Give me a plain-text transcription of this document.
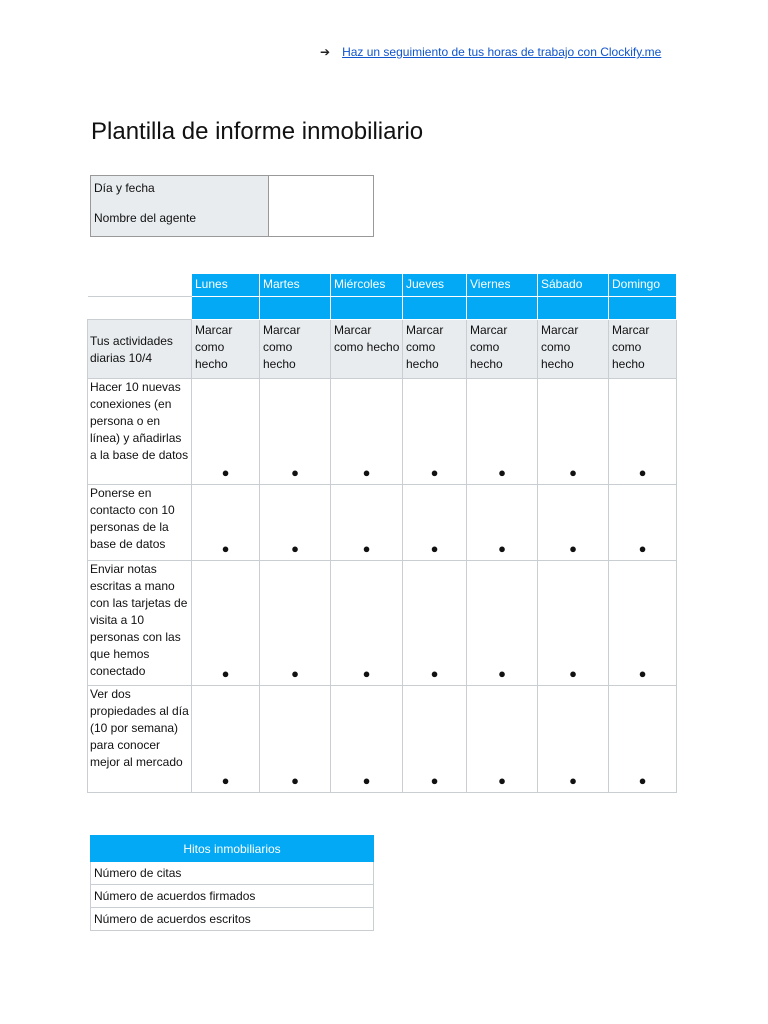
➔ Haz un seguimiento de tus horas de trabajo con Clockify.me
Plantilla de informe inmobiliario
Día y fecha
Nombre del agente
	Lunes	Martes	Miércoles	Jueves	Viernes	Sábado	Domingo

Tus actividades diarias 10/4	Marcar como hecho	Marcar como hecho	Marcar como hecho	Marcar como hecho	Marcar como hecho	Marcar como hecho	Marcar como hecho
Hacer 10 nuevas conexiones (en persona o en línea) y añadirlas a la base de datos	●	●	●	●	●	●	●
Ponerse en contacto con 10 personas de la base de datos	●	●	●	●	●	●	●
Enviar notas escritas a mano con las tarjetas de visita a 10 personas con las que hemos conectado	●	●	●	●	●	●	●
Ver dos propiedades al día (10 por semana) para conocer mejor al mercado	●	●	●	●	●	●	●
Hitos inmobiliarios
Número de citas
Número de acuerdos firmados
Número de acuerdos escritos
